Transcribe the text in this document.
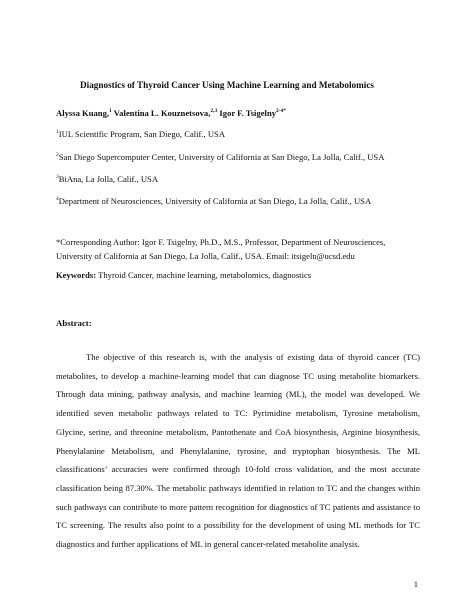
Diagnostics of Thyroid Cancer Using Machine Learning and Metabolomics
Alyssa Kuang,$^1$ Valentina L. Kouznetsova,$^{2,3}$ Igor F. Tsigelny$^{2-4*}$
$^1$IUL Scientific Program, San Diego, Calif., USA
$^2$San Diego Supercomputer Center, University of California at San Diego, La Jolla, Calif., USA
$^3$BiAna, La Jolla, Calif., USA
$^4$Department of Neurosciences, University of California at San Diego, La Jolla, Calif., USA
*Corresponding Author: Igor F. Tsigelny, Ph.D., M.S., Professor, Department of Neurosciences,
University of California at San Diego, La Jolla, Calif., USA. Email: itsigeln@ucsd.edu
Keywords: Thyroid Cancer, machine learning, metabolomics, diagnostics
Abstract:

The objective of this research is, with the analysis of existing data of thyroid cancer (TC) metabolites, to develop a machine-learning model that can diagnose TC using metabolite biomarkers. Through data mining, pathway analysis, and machine learning (ML), the model was developed. We identified seven metabolic pathways related to TC: Pyrimidine metabolism, Tyrosine metabolism, Glycine, serine, and threonine metabolism, Pantothenate and CoA biosynthesis, Arginine biosynthesis, Phenylalanine Metabolism, and Phenylalanine, tyrosine, and tryptophan biosynthesis. The ML classifications’ accuracies were confirmed through 10-fold cross validation, and the most accurate classification being 87.30%. The metabolic pathways identified in relation to TC and the changes within such pathways can contribute to more pattern recognition for diagnostics of TC patients and assistance to TC screening. The results also point to a possibility for the development of using ML methods for TC diagnostics and further applications of ML in general cancer-related metabolite analysis.

1
